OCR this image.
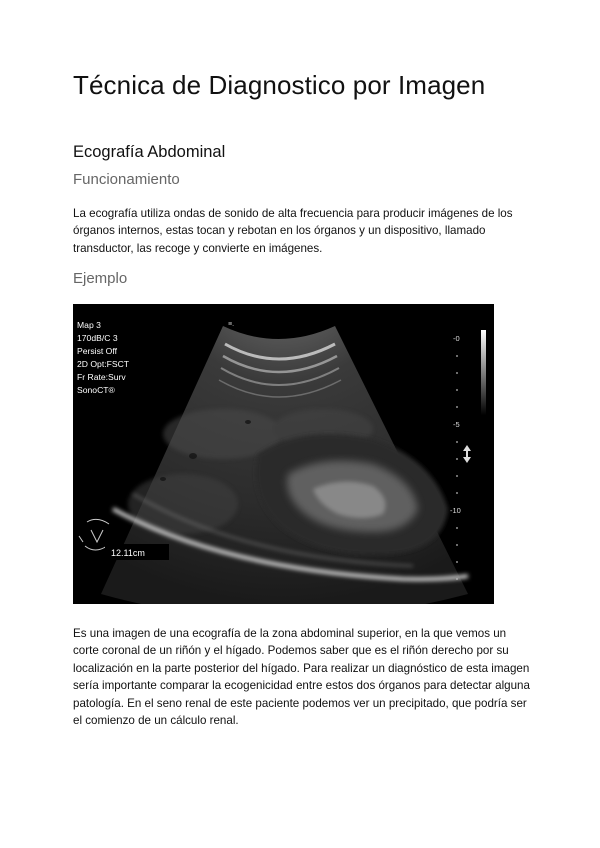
Técnica de Diagnostico por Imagen
Ecografía Abdominal
Funcionamiento

La ecografía utiliza ondas de sonido de alta frecuencia para producir imágenes de los órganos internos, estas tocan y rebotan en los órganos y un dispositivo, llamado transductor, las recoge y convierte en imágenes.

Ejemplo
-0
-5
-10
≡.
Map 3
170dB/C 3
Persist Off
2D Opt:FSCT
Fr Rate:Surv
SonoCT®
12.11cm

Es una imagen de una ecografía de la zona abdominal superior, en la que vemos un corte coronal de un riñón y el hígado. Podemos saber que es el riñón derecho por su localización en la parte posterior del hígado. Para realizar un diagnóstico de esta imagen sería importante comparar la ecogenicidad entre estos dos órganos para detectar alguna patología. En el seno renal de este paciente podemos ver un precipitado, que podría ser el comienzo de un cálculo renal.
